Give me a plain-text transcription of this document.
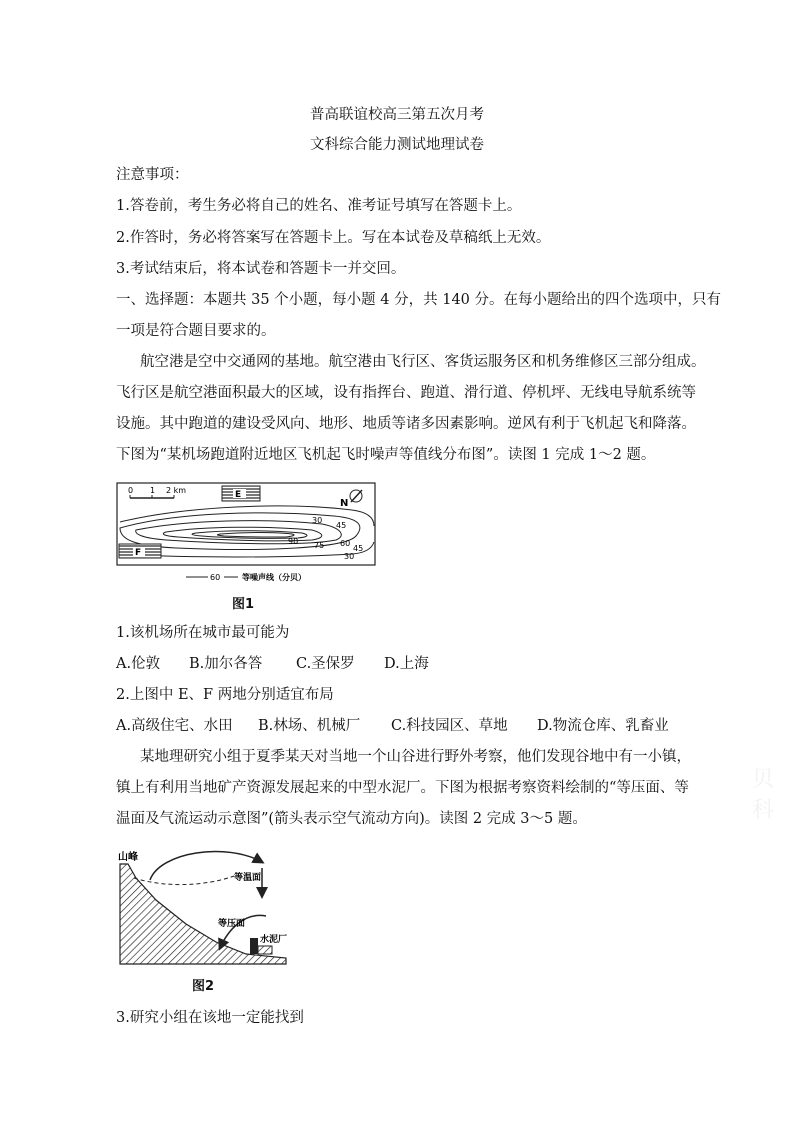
普高联谊校高三第五次月考
文科综合能力测试地理试卷
注意事项：
1.答卷前，考生务必将自己的姓名、准考证号填写在答题卡上。
2.作答时，务必将答案写在答题卡上。写在本试卷及草稿纸上无效。
3.考试结束后，将本试卷和答题卡一并交回。
一、选择题：本题共 35 个小题，每小题 4 分，共 140 分。在每小题给出的四个选项中，只有
一项是符合题目要求的。
航空港是空中交通网的基地。航空港由飞行区、客货运服务区和机务维修区三部分组成。
飞行区是航空港面积最大的区域，设有指挥台、跑道、滑行道、停机坪、无线电导航系统等
设施。其中跑道的建设受风向、地形、地质等诸多因素影响。逆风有利于飞机起飞和降落。
下图为“某机场跑道附近地区飞机起飞时噪声等值线分布图”。读图 1 完成 1～2 题。
0 1 2 km	E
N
30
45
90 75 60
45
30
F
60	等噪声线（分贝）
图1
1.该机场所在城市最可能为
A.伦敦 B.加尔各答 C.圣保罗 D.上海
2.上图中 E、F 两地分别适宜布局
A.高级住宅、水田 B.林场、机械厂 C.科技园区、草地 D.物流仓库、乳畜业
某地理研究小组于夏季某天对当地一个山谷进行野外考察，他们发现谷地中有一小镇，
镇上有利用当地矿产资源发展起来的中型水泥厂。下图为根据考察资料绘制的“等压面、等
温面及气流运动示意图”(箭头表示空气流动方向)。读图 2 完成 3～5 题。
贝科
山峰
等温面
等压面
水泥厂
图2
3.研究小组在该地一定能找到
